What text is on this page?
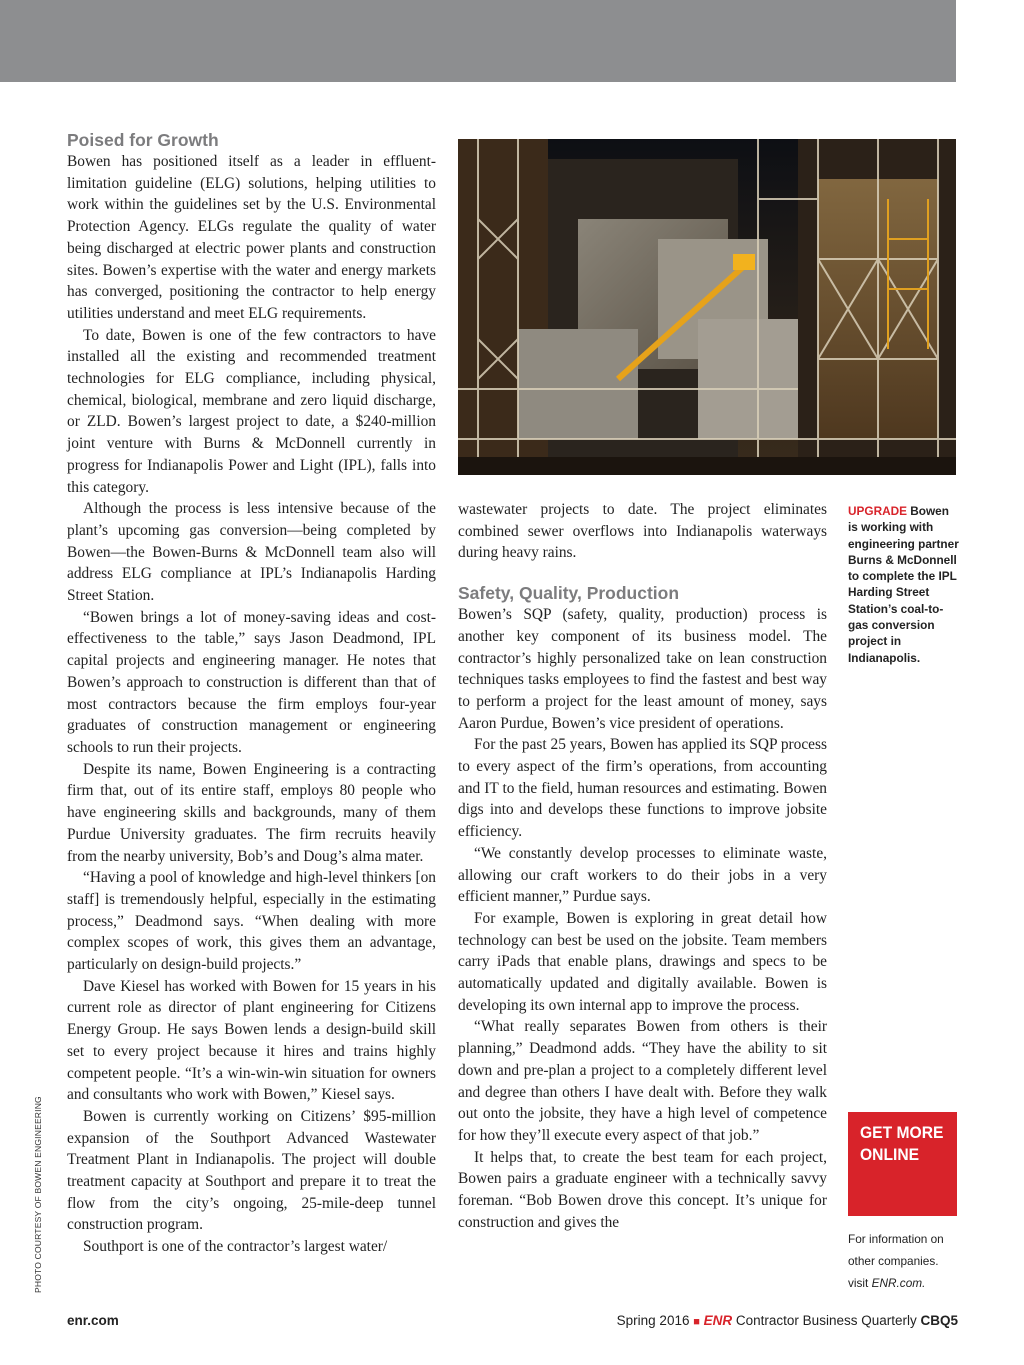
Poised for Growth

Bowen has positioned itself as a leader in effluent-limitation guideline (ELG) solutions, helping utilities to work within the guidelines set by the U.S. Environmental Protection Agency. ELGs regulate the quality of water being discharged at electric power plants and construction sites. Bowen’s expertise with the water and energy markets has converged, positioning the contractor to help energy utilities understand and meet ELG requirements.

To date, Bowen is one of the few contractors to have installed all the existing and recommended treatment technologies for ELG compliance, including physical, chemical, biological, membrane and zero liquid discharge, or ZLD. Bowen’s largest project to date, a $240-million joint venture with Burns & McDonnell currently in progress for Indianapolis Power and Light (IPL), falls into this category.

Although the process is less intensive because of the plant’s upcoming gas conversion—being completed by Bowen—the Bowen-Burns & McDonnell team also will address ELG compliance at IPL’s Indianapolis Harding Street Station.

“Bowen brings a lot of money-saving ideas and cost-effectiveness to the table,” says Jason Deadmond, IPL capital projects and engineering manager. He notes that Bowen’s approach to construction is different than that of most contractors because the firm employs four-year graduates of construction management or engineering schools to run their projects.

Despite its name, Bowen Engineering is a contracting firm that, out of its entire staff, employs 80 people who have engineering skills and backgrounds, many of them Purdue University graduates. The firm recruits heavily from the nearby university, Bob’s and Doug’s alma mater.

“Having a pool of knowledge and high-level thinkers [on staff] is tremendously helpful, especially in the estimating process,” Deadmond says. “When dealing with more complex scopes of work, this gives them an advantage, particularly on design-build projects.”

Dave Kiesel has worked with Bowen for 15 years in his current role as director of plant engineering for Citizens Energy Group. He says Bowen lends a design-build skill set to every project because it hires and trains highly competent people. “It’s a win-win-win situation for owners and consultants who work with Bowen,” Kiesel says.

Bowen is currently working on Citizens’ $95-million expansion of the Southport Advanced Wastewater Treatment Plant in Indianapolis. The project will double treatment capacity at Southport and prepare it to treat the flow from the city’s ongoing, 25-mile-deep tunnel construction program.

Southport is one of the contractor’s largest water/

PHOTO COURTESY OF BOWEN ENGINEERING

wastewater projects to date. The project eliminates combined sewer overflows into Indianapolis waterways during heavy rains.

Safety, Quality, Production

Bowen’s SQP (safety, quality, production) process is another key component of its business model. The contractor’s highly personalized take on lean construction techniques tasks employees to find the fastest and best way to perform a project for the least amount of money, says Aaron Purdue, Bowen’s vice president of operations.

For the past 25 years, Bowen has applied its SQP process to every aspect of the firm’s operations, from accounting and IT to the field, human resources and estimating. Bowen digs into and develops these functions to improve jobsite efficiency.

“We constantly develop processes to eliminate waste, allowing our craft workers to do their jobs in a very efficient manner,” Purdue says.

For example, Bowen is exploring in great detail how technology can best be used on the jobsite. Team members carry iPads that enable plans, drawings and specs to be automatically updated and digitally available. Bowen is developing its own internal app to improve the process.

“What really separates Bowen from others is their planning,” Deadmond adds. “They have the ability to sit down and pre-plan a project to a completely different level and degree than others I have dealt with. Before they walk out onto the jobsite, they have a high level of competence for how they’ll execute every aspect of that job.”

It helps that, to create the best team for each project, Bowen pairs a graduate engineer with a technically savvy foreman. “Bob Bowen drove this concept. It’s unique for construction and gives the

UPGRADE Bowen is working with engineering partner Burns & McDonnell to complete the IPL Harding Street Station’s coal-to-gas conversion project in Indianapolis.
GET MORE ONLINE
For information on
other companies.
visit ENR.com.
enr.com	Spring 2016 ■ ENR Contractor Business Quarterly CBQ5
